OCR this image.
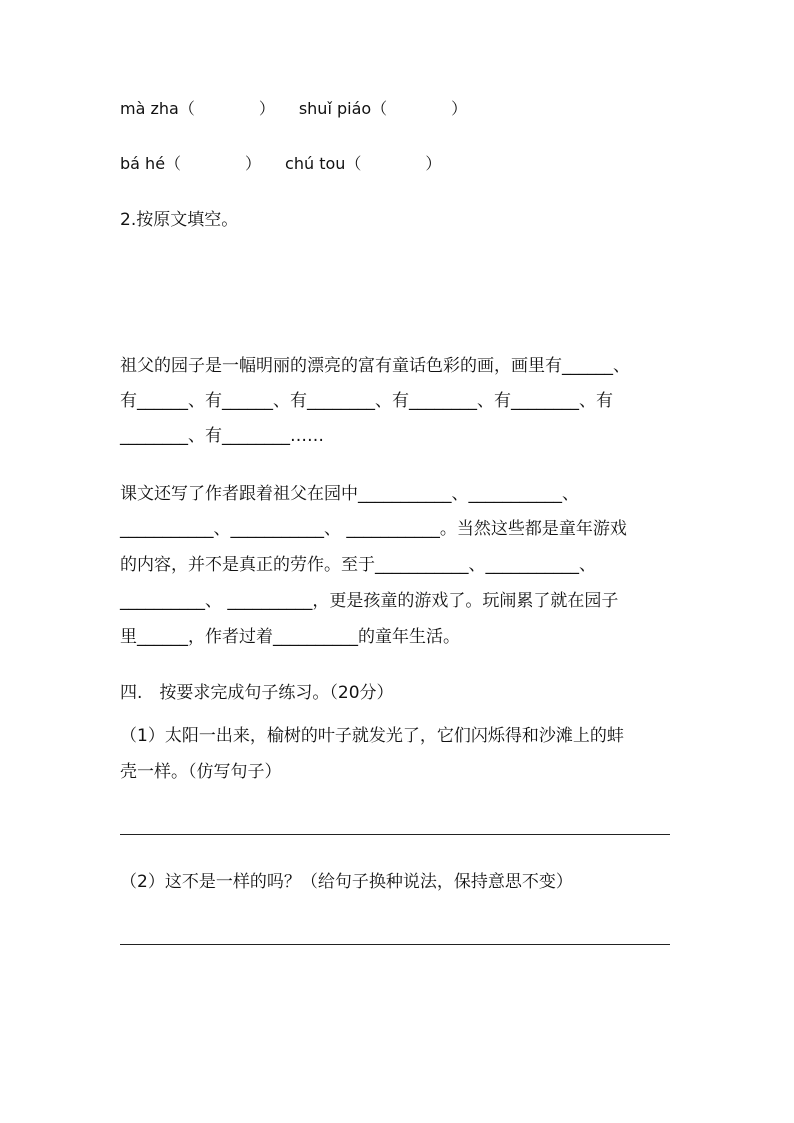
mà zha（　　　　）　　shuǐ piáo（　　　　）

bá hé（　　　　）　　chú tou（　　　　）

2.按原文填空。

祖父的园子是一幅明丽的漂亮的富有童话色彩的画，画里有______、

有______、有______、有________、有________、有________、有

________、有________……

课文还写了作者跟着祖父在园中___________、___________、

___________、___________、 ___________。当然这些都是童年游戏

的内容，并不是真正的劳作。至于___________、___________、

__________、 __________，更是孩童的游戏了。玩闹累了就在园子

里______，作者过着__________的童年生活。

四.　按要求完成句子练习。（20分）

（1）太阳一出来，榆树的叶子就发光了，它们闪烁得和沙滩上的蚌

壳一样。（仿写句子）

（2）这不是一样的吗？（给句子换种说法，保持意思不变）
